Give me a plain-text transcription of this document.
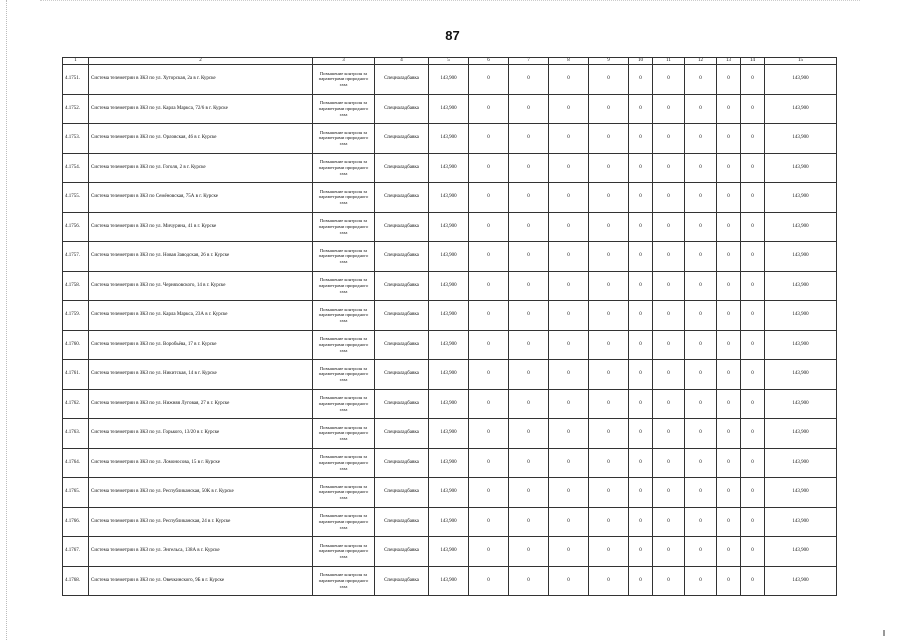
87
1	2	3	4	5	6	7	8	9	10	11	12	13	14	15
4.1751.	Система телеметрии в ЗКЗ по ул. Хуторская, 2а в г. Курске	Повышение контроля за параметрами природного газа	Спецналадбавка	143,900	0	0	0	0	0	0	0	0	0	143,900
4.1752.	Система телеметрии в ЗКЗ по ул. Карла Маркса, 72/6 в г. Курске	Повышение контроля за параметрами природного газа	Спецналадбавка	143,900	0	0	0	0	0	0	0	0	0	143,900
4.1753.	Система телеметрии в ЗКЗ по ул. Орловская, 46 в г. Курске	Повышение контроля за параметрами природного газа	Спецналадбавка	143,900	0	0	0	0	0	0	0	0	0	143,900
4.1754.	Система телеметрии в ЗКЗ по ул. Гоголя, 2 в г. Курске	Повышение контроля за параметрами природного газа	Спецналадбавка	143,900	0	0	0	0	0	0	0	0	0	143,900
4.1755.	Система телеметрии в ЗКЗ по Семёновская, 75А в г. Курске	Повышение контроля за параметрами природного газа	Спецналадбавка	143,900	0	0	0	0	0	0	0	0	0	143,900
4.1756.	Система телеметрии в ЗКЗ по ул. Мичурина, 41 в г. Курске	Повышение контроля за параметрами природного газа	Спецналадбавка	143,900	0	0	0	0	0	0	0	0	0	143,900
4.1757.	Система телеметрии в ЗКЗ по ул. Новая Заводская, 26 в г. Курске	Повышение контроля за параметрами природного газа	Спецналадбавка	143,900	0	0	0	0	0	0	0	0	0	143,900
4.1758.	Система телеметрии в ЗКЗ по ул. Черняховского, 14 в г. Курске	Повышение контроля за параметрами природного газа	Спецналадбавка	143,900	0	0	0	0	0	0	0	0	0	143,900
4.1759.	Система телеметрии в ЗКЗ по ул. Карла Маркса, 23А в г. Курске	Повышение контроля за параметрами природного газа	Спецналадбавка	143,900	0	0	0	0	0	0	0	0	0	143,900
4.1760.	Система телеметрии в ЗКЗ по ул. Воробьёва, 17 в г. Курске	Повышение контроля за параметрами природного газа	Спецналадбавка	143,900	0	0	0	0	0	0	0	0	0	143,900
4.1761.	Система телеметрии в ЗКЗ по ул. Никитская, 14 в г. Курске	Повышение контроля за параметрами природного газа	Спецналадбавка	143,900	0	0	0	0	0	0	0	0	0	143,900
4.1762.	Система телеметрии в ЗКЗ по ул. Нижняя Луговая, 27 в г. Курске	Повышение контроля за параметрами природного газа	Спецналадбавка	143,900	0	0	0	0	0	0	0	0	0	143,900
4.1763.	Система телеметрии в ЗКЗ по ул. Горького, 13/20 в г. Курске	Повышение контроля за параметрами природного газа	Спецналадбавка	143,900	0	0	0	0	0	0	0	0	0	143,900
4.1764.	Система телеметрии в ЗКЗ по ул. Ломоносова, 15 в г. Курске	Повышение контроля за параметрами природного газа	Спецналадбавка	143,900	0	0	0	0	0	0	0	0	0	143,900
4.1765.	Система телеметрии в ЗКЗ по ул. Республиканская, 50К в г. Курске	Повышение контроля за параметрами природного газа	Спецналадбавка	143,900	0	0	0	0	0	0	0	0	0	143,900
4.1766.	Система телеметрии в ЗКЗ по ул. Республиканская, 24 в г. Курске	Повышение контроля за параметрами природного газа	Спецналадбавка	143,900	0	0	0	0	0	0	0	0	0	143,900
4.1767.	Система телеметрии в ЗКЗ по ул. Энгельса, 138А в г. Курске	Повышение контроля за параметрами природного газа	Спецналадбавка	143,900	0	0	0	0	0	0	0	0	0	143,900
4.1768.	Система телеметрии в ЗКЗ по ул. Овечкинского, 9Б в г. Курске	Повышение контроля за параметрами природного газа	Спецналадбавка	143,900	0	0	0	0	0	0	0	0	0	143,900
